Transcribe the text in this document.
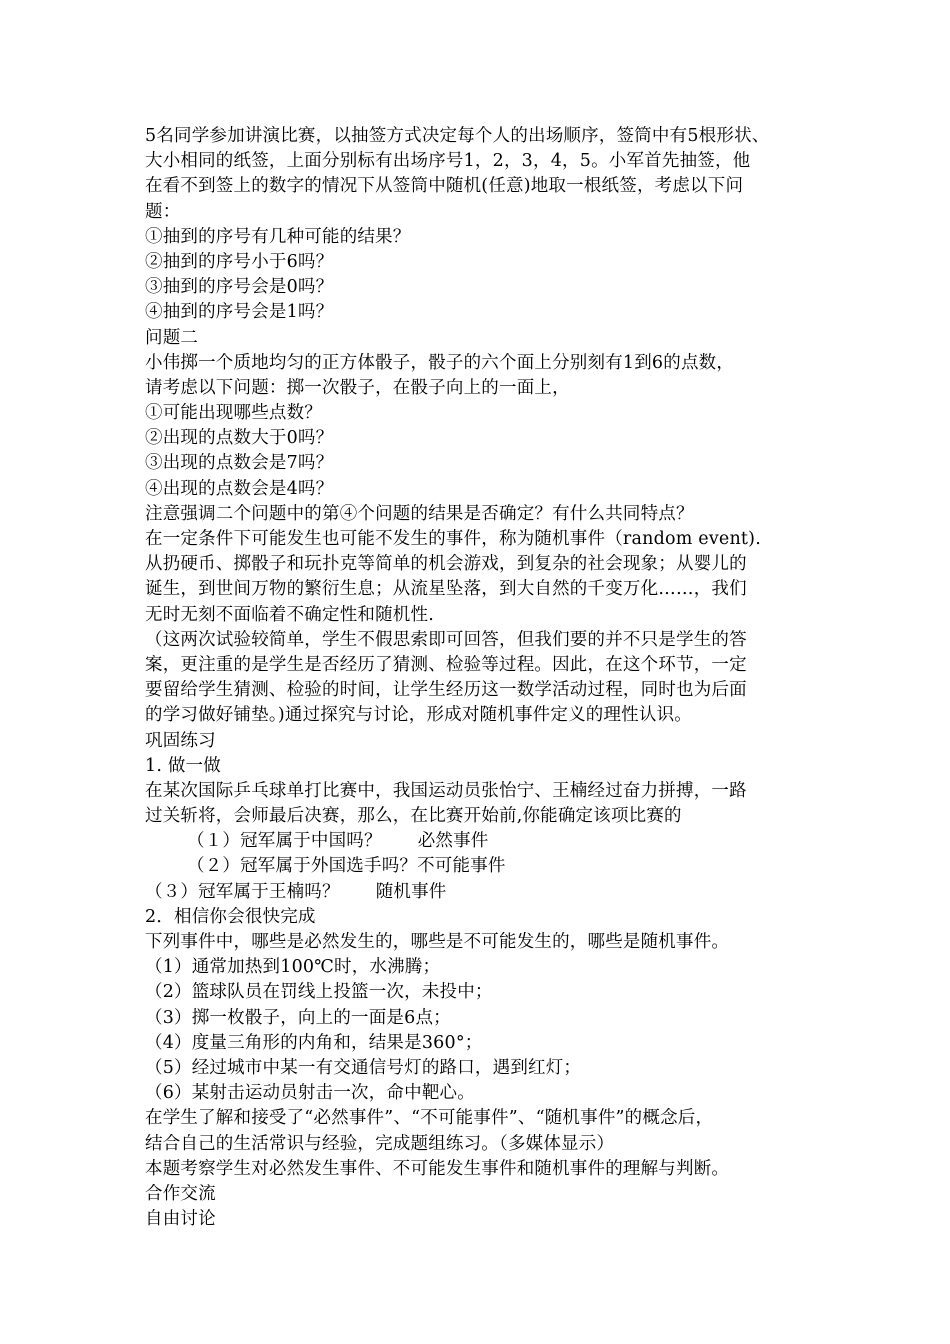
5名同学参加讲演比赛，以抽签方式决定每个人的出场顺序，签筒中有5根形状、
大小相同的纸签，上面分别标有出场序号1，2，3，4，5。小军首先抽签，他
在看不到签上的数字的情况下从签筒中随机(任意)地取一根纸签，考虑以下问
题：
①抽到的序号有几种可能的结果？
②抽到的序号小于6吗？
③抽到的序号会是0吗？
④抽到的序号会是1吗？
问题二
小伟掷一个质地均匀的正方体骰子，骰子的六个面上分别刻有1到6的点数，
请考虑以下问题：掷一次骰子，在骰子向上的一面上，
①可能出现哪些点数？
②出现的点数大于0吗？
③出现的点数会是7吗？
④出现的点数会是4吗？
注意强调二个问题中的第④个问题的结果是否确定？有什么共同特点？
在一定条件下可能发生也可能不发生的事件，称为随机事件（random event).
从扔硬币、掷骰子和玩扑克等简单的机会游戏，到复杂的社会现象；从婴儿的
诞生，到世间万物的繁衍生息；从流星坠落，到大自然的千变万化……，我们
无时无刻不面临着不确定性和随机性.
（这两次试验较简单，学生不假思索即可回答，但我们要的并不只是学生的答
案，更注重的是学生是否经历了猜测、检验等过程。因此，在这个环节，一定
要留给学生猜测、检验的时间，让学生经历这一数学活动过程，同时也为后面
的学习做好铺垫。)通过探究与讨论，形成对随机事件定义的理性认识。
巩固练习
1. 做一做
在某次国际乒乓球单打比赛中，我国运动员张怡宁、王楠经过奋力拼搏，一路
过关斩将，会师最后决赛，那么，在比赛开始前,你能确定该项比赛的
（１）冠军属于中国吗？ 必然事件
（２）冠军属于外国选手吗？不可能事件
（３）冠军属于王楠吗？ 随机事件
2．相信你会很快完成
下列事件中，哪些是必然发生的，哪些是不可能发生的，哪些是随机事件。
（1）通常加热到100℃时，水沸腾；
（2）篮球队员在罚线上投篮一次，未投中；
（3）掷一枚骰子，向上的一面是6点；
（4）度量三角形的内角和，结果是360°；
（5）经过城市中某一有交通信号灯的路口，遇到红灯；
（6）某射击运动员射击一次，命中靶心。
在学生了解和接受了“必然事件”、“不可能事件”、“随机事件”的概念后，
结合自己的生活常识与经验，完成题组练习。（多媒体显示）
本题考察学生对必然发生事件、不可能发生事件和随机事件的理解与判断。
合作交流
自由讨论
